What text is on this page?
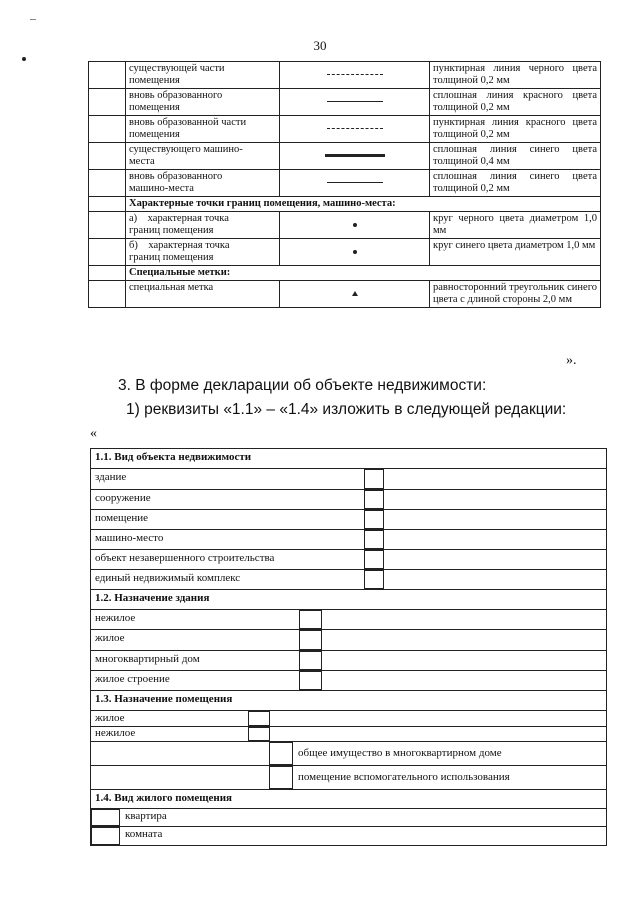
30

	существующей части
помещения		пунктирная линия черного цвета толщиной 0,2 мм

	вновь образованного
помещения		сплошная линия красного цвета толщиной 0,2 мм

	вновь образованной части
помещения		пунктирная линия красного цвета толщиной 0,2 мм

	существующего машино-
места		сплошная линия синего цвета толщиной 0,4 мм

	вновь образованного
машино-места		сплошная линия синего цвета толщиной 0,2 мм
	Характерные точки границ помещения, машино-места:		

	а) характерная точка
границ помещения		круг черного цвета диаметром 1,0 мм

	б) характерная точка
границ помещения		круг синего цвета диаметром 1,0 мм
	Специальные метки:		
	специальная метка		равносторонний треугольник синего цвета с длиной стороны 2,0 мм
».
3. В форме декларации об объекте недвижимости:
1) реквизиты «1.1» – «1.4» изложить в следующей редакции:
«
1.1. Вид объекта недвижимости
здание
сооружение
помещение
машино-место
объект незавершенного строительства
единый недвижимый комплекс
1.2. Назначение здания
нежилое
жилое
многоквартирный дом
жилое строение
1.3. Назначение помещения
жилое
нежилое
общее имущество в многоквартирном доме
помещение вспомогательного использования
1.4. Вид жилого помещения
квартира
комната
